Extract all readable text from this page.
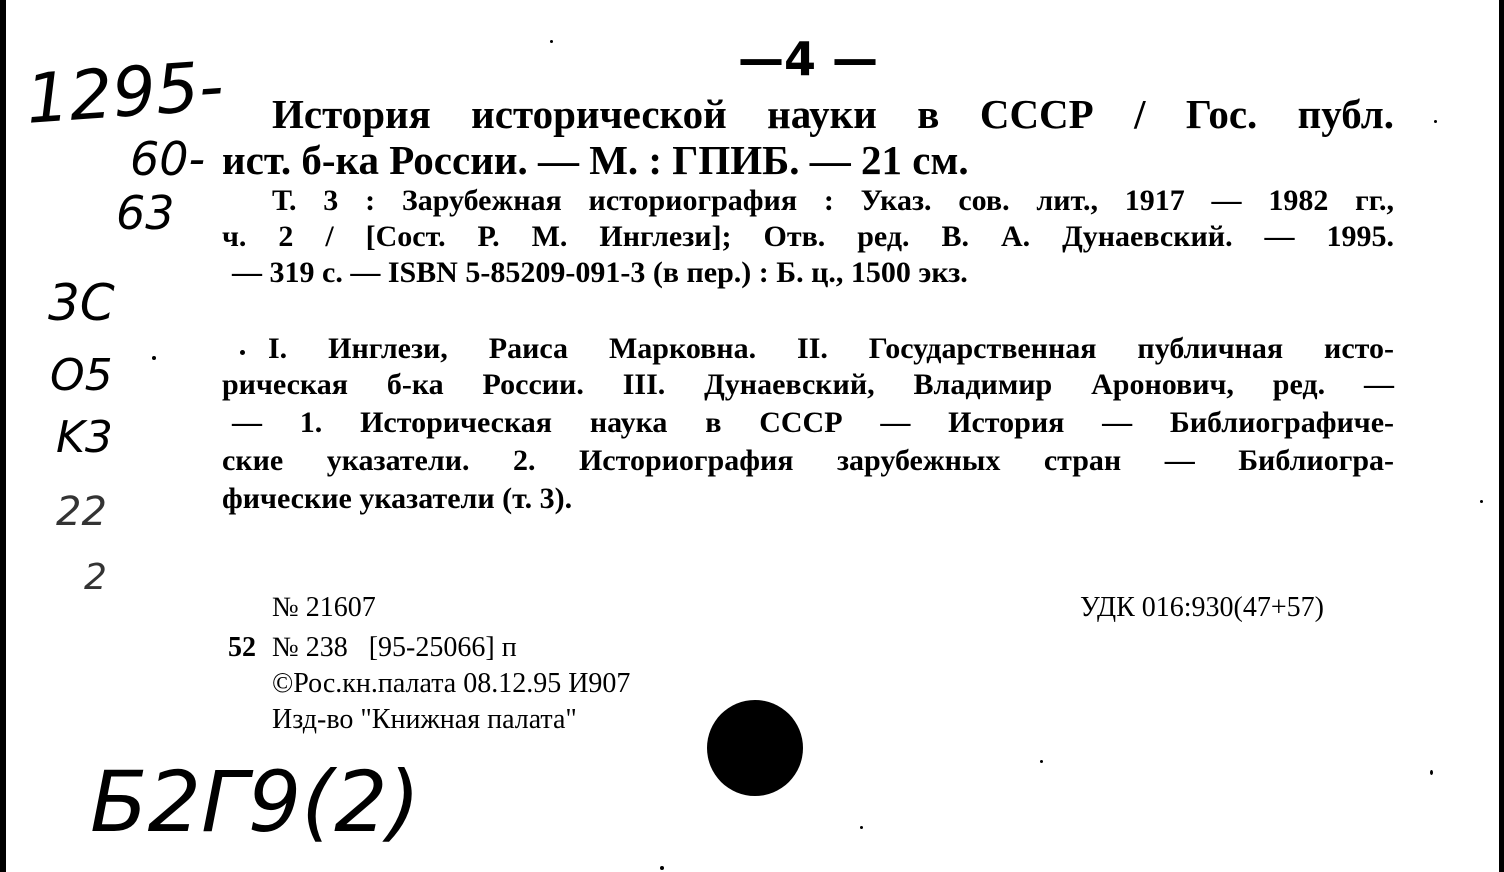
—4 —
1295-
60-
63
История исторической науки в СССР / Гос. публ.
ист. б-ка России. — М. : ГПИБ. — 21 см.
Т. 3 : Зарубежная историография : Указ. сов. лит., 1917 — 1982 гг.,
ч. 2 / [Сост. Р. М. Инглези]; Отв. ред. В. А. Дунаевский. — 1995.
— 319 с. — ISBN 5-85209-091-3 (в пер.) : Б. ц., 1500 экз.
3C
O5
K3
22
2
I. Инглези, Раиса Марковна. II. Государственная публичная исто-
рическая б-ка России. III. Дунаевский, Владимир Аронович, ред. —
— 1. Историческая наука в СССР — История — Библиографиче-
ские указатели. 2. Историография зарубежных стран — Библиогра-
фические указатели (т. 3).
№ 21607	УДК 016:930(47+57)
52 № 238   [95-25066] п
©Рос.кн.палата 08.12.95 И907
Изд-во "Книжная палата"
Б2Г9(2)
